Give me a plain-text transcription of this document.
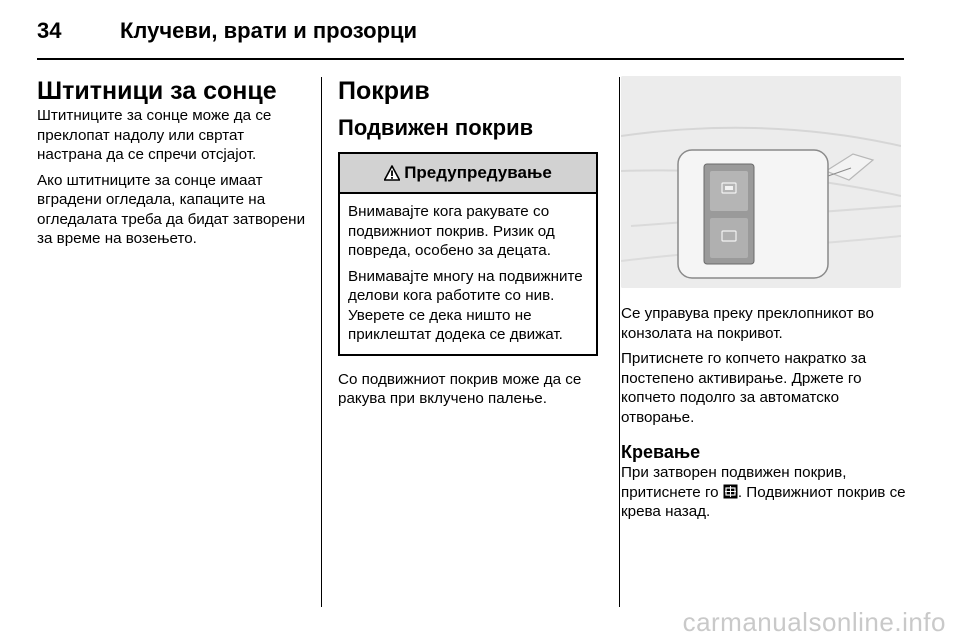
34	Клучеви, врати и прозорци
Штитници за сонце

Штитниците за сонце може да се преклопат надолу или свртат настрана да се спречи отсјајот.

Ако штитниците за сонце имаат вградени огледала, капаците на огледалата треба да бидат затворени за време на возењето.

Покрив
Подвижен покрив
Предупредување

Внимавајте кога ракувате со подвижниот покрив. Ризик од повреда, особено за децата.

Внимавајте многу на подвижните делови кога работите со нив. Уверете се дека ништо не приклештат додека се движат.

Со подвижниот покрив може да се ракува при вклучено палење.

Се управува преку преклопникот во конзолата на покривот.

Притиснете го копчето накратко за постепено активирање. Држете го копчето подолго за автоматско отворање.

Кревање

При затворен подвижен покрив, притиснете го . Подвижниот покрив се крева назад.

carmanualsonline.info
